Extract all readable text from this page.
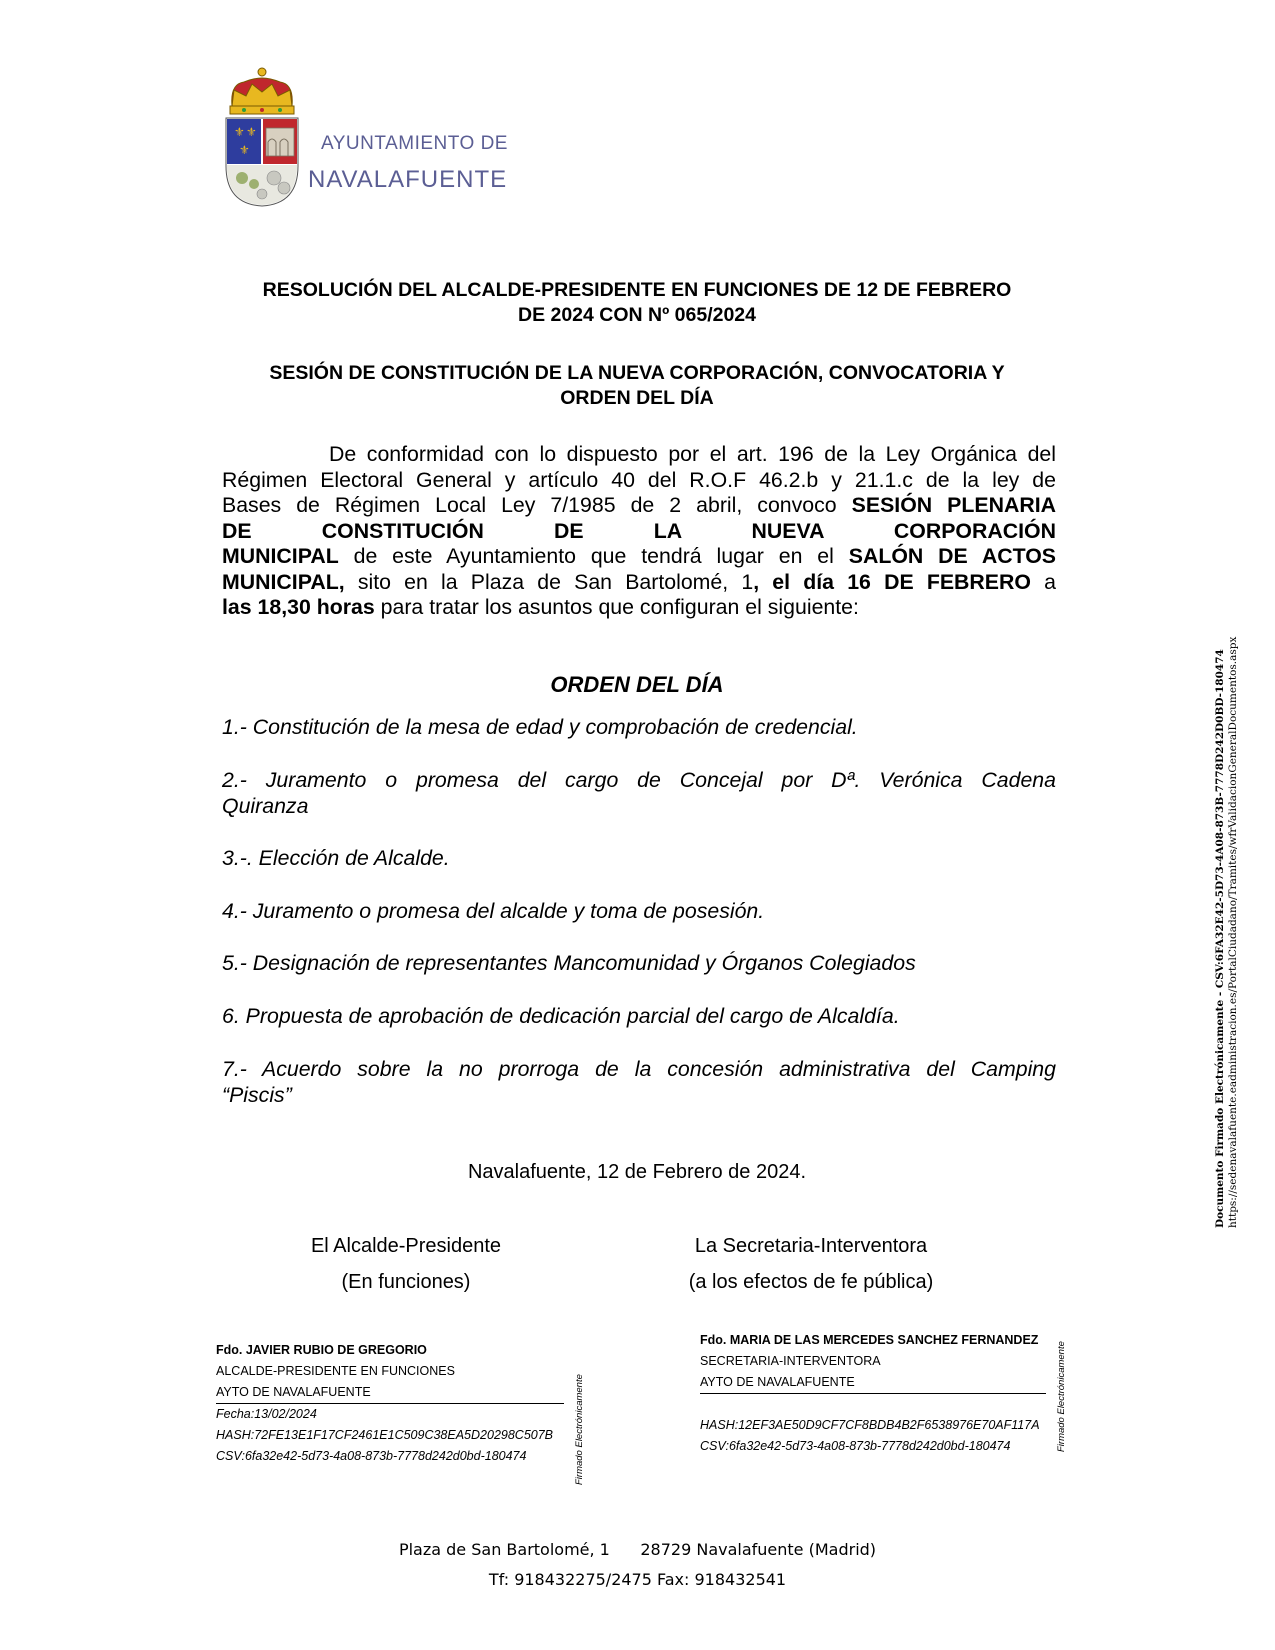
⚜ ⚜
⚜	AYUNTAMIENTO DE
NAVALAFUENTE
RESOLUCIÓN DEL ALCALDE-PRESIDENTE EN FUNCIONES DE 12 DE FEBRERO
DE 2024 CON Nº 065/2024
SESIÓN DE CONSTITUCIÓN DE LA NUEVA CORPORACIÓN, CONVOCATORIA Y
ORDEN DEL DÍA
De conformidad con lo dispuesto por el art. 196 de la Ley Orgánica del
Régimen Electoral General y artículo 40 del R.O.F 46.2.b y 21.1.c de la ley de
Bases de Régimen Local Ley 7/1985 de 2 abril, convoco SESIÓN PLENARIA
DE CONSTITUCIÓN DE LA NUEVA CORPORACIÓN
MUNICIPAL de este Ayuntamiento que tendrá lugar en el SALÓN DE ACTOS
MUNICIPAL, sito en la Plaza de San Bartolomé, 1, el día 16 DE FEBRERO a
las 18,30 horas para tratar los asuntos que configuran el siguiente:
ORDEN DEL DÍA
1.- Constitución de la mesa de edad y comprobación de credencial.
2.- Juramento o promesa del cargo de Concejal por Dª. Verónica Cadena
Quiranza
3.-. Elección de Alcalde.
4.- Juramento o promesa del alcalde y toma de posesión.
5.- Designación de representantes Mancomunidad y Órganos Colegiados
6. Propuesta de aprobación de dedicación parcial del cargo de Alcaldía.
7.- Acuerdo sobre la no prorroga de la concesión administrativa del Camping
“Piscis”
Navalafuente, 12 de Febrero de 2024.
El Alcalde-Presidente
(En funciones)
La Secretaria-Interventora
(a los efectos de fe pública)
Fdo. JAVIER RUBIO DE GREGORIO
ALCALDE-PRESIDENTE EN FUNCIONES
AYTO DE NAVALAFUENTE
Fecha:13/02/2024
HASH:72FE13E1F17CF2461E1C509C38EA5D20298C507B
CSV:6fa32e42-5d73-4a08-873b-7778d242d0bd-180474	Firmado Electrónicamente
Fdo. MARIA DE LAS MERCEDES SANCHEZ FERNANDEZ
SECRETARIA-INTERVENTORA
AYTO DE NAVALAFUENTE
HASH:12EF3AE50D9CF7CF8BDB4B2F6538976E70AF117A
CSV:6fa32e42-5d73-4a08-873b-7778d242d0bd-180474	Firmado Electrónicamente
Documento Firmado Electrónicamente - CSV:6FA32E42-5D73-4A08-873B-7778D242D0BD-180474 https://sedenavalafuente.eadministracion.es/PortalCiudadano/Tramites/wfrValidacionGeneralDocumentos.aspx
Plaza de San Bartolomé, 1      28729 Navalafuente (Madrid)
Tf: 918432275/2475 Fax: 918432541
